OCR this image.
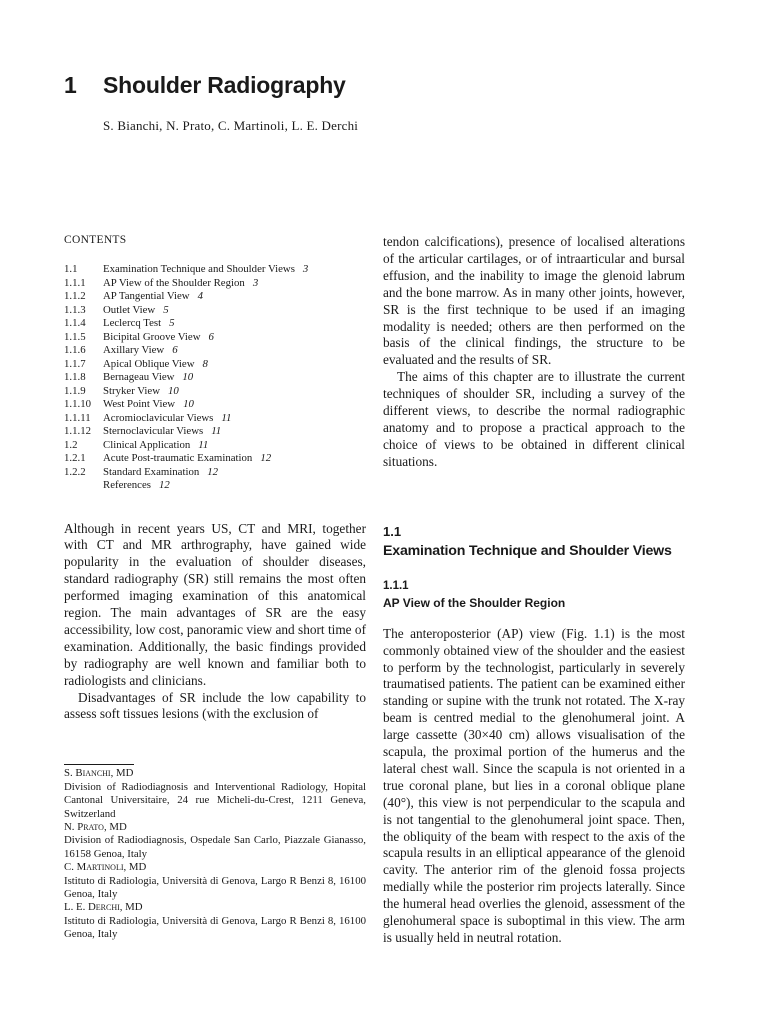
1 Shoulder Radiography
S. Bianchi, N. Prato, C. Martinoli, L. E. Derchi
CONTENTS
1.1	Examination Technique and Shoulder Views 3
1.1.1	AP View of the Shoulder Region 3
1.1.2	AP Tangential View 4
1.1.3	Outlet View 5
1.1.4	Leclercq Test 5
1.1.5	Bicipital Groove View 6
1.1.6	Axillary View 6
1.1.7	Apical Oblique View 8
1.1.8	Bernageau View 10
1.1.9	Stryker View 10
1.1.10	West Point View 10
1.1.11	Acromioclavicular Views 11
1.1.12	Sternoclavicular Views 11
1.2	Clinical Application 11
1.2.1	Acute Post-traumatic Examination 12
1.2.2	Standard Examination 12
References 12

Although in recent years US, CT and MRI, together with CT and MR arthrography, have gained wide popularity in the evaluation of shoulder diseases, standard radiography (SR) still remains the most often performed imaging examination of this anatomical region. The main advantages of SR are the easy accessibility, low cost, panoramic view and short time of examination. Additionally, the basic findings provided by radiography are well known and familiar both to radiologists and clinicians.

Disadvantages of SR include the low capability to assess soft tissues lesions (with the exclusion of

S. Bianchi, MD
Division of Radiodiagnosis and Interventional Radiology, Hopital Cantonal Universitaire, 24 rue Micheli-du-Crest, 1211 Geneva, Switzerland
N. Prato, MD
Division of Radiodiagnosis, Ospedale San Carlo, Piazzale Gianasso, 16158 Genoa, Italy
C. Martinoli, MD
Istituto di Radiologia, Università di Genova, Largo R Benzi 8, 16100 Genoa, Italy
L. E. Derchi, MD
Istituto di Radiologia, Università di Genova, Largo R Benzi 8, 16100 Genoa, Italy

tendon calcifications), presence of localised alterations of the articular cartilages, or of intraarticular and bursal effusion, and the inability to image the glenoid labrum and the bone marrow. As in many other joints, however, SR is the first technique to be used if an imaging modality is needed; others are then performed on the basis of the clinical findings, the structure to be evaluated and the results of SR.

The aims of this chapter are to illustrate the current techniques of shoulder SR, including a survey of the different views, to describe the normal radiographic anatomy and to propose a practical approach to the choice of views to be obtained in different clinical situations.

1.1
Examination Technique and Shoulder Views
1.1.1
AP View of the Shoulder Region

The anteroposterior (AP) view (Fig. 1.1) is the most commonly obtained view of the shoulder and the easiest to perform by the technologist, particularly in severely traumatised patients. The patient can be examined either standing or supine with the trunk not rotated. The X-ray beam is centred medial to the glenohumeral joint. A large cassette (30×40 cm) allows visualisation of the scapula, the proximal portion of the humerus and the lateral chest wall. Since the scapula is not oriented in a true coronal plane, but lies in a coronal oblique plane (40°), this view is not perpendicular to the scapula and is not tangential to the glenohumeral joint space. Then, the obliquity of the beam with respect to the axis of the scapula results in an elliptical appearance of the glenoid cavity. The anterior rim of the glenoid fossa projects medially while the posterior rim projects laterally. Since the humeral head overlies the glenoid, assessment of the glenohumeral space is suboptimal in this view. The arm is usually held in neutral rotation.
